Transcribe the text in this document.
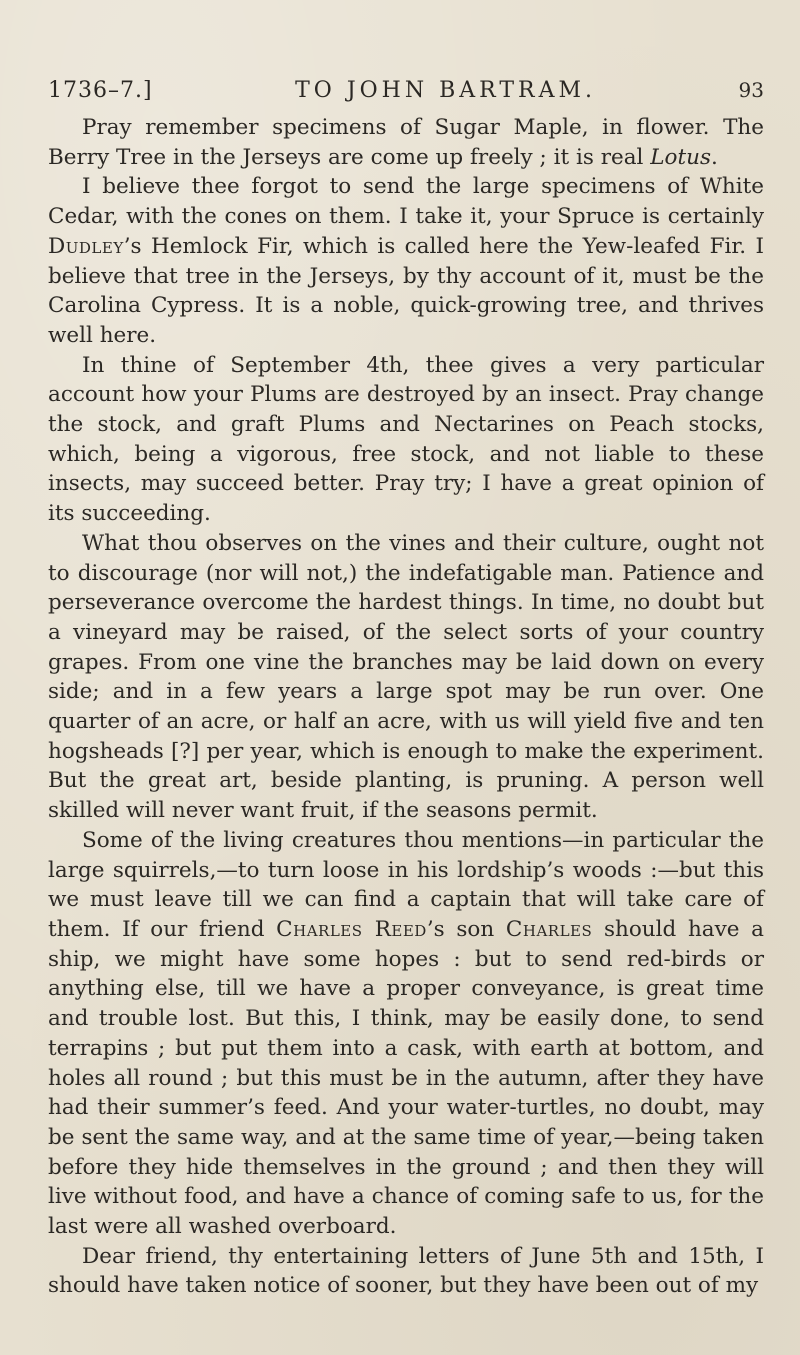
1736–7.]	TO JOHN BARTRAM.	93

Pray remember specimens of Sugar Maple, in flower. The Berry Tree in the Jerseys are come up freely ; it is real Lotus.

I believe thee forgot to send the large specimens of White Cedar, with the cones on them. I take it, your Spruce is certainly Dudley’s Hemlock Fir, which is called here the Yew-leafed Fir. I believe that tree in the Jerseys, by thy account of it, must be the Carolina Cypress. It is a noble, quick-growing tree, and thrives well here.

In thine of September 4th, thee gives a very particular account how your Plums are destroyed by an insect. Pray change the stock, and graft Plums and Nectarines on Peach stocks, which, being a vigorous, free stock, and not liable to these insects, may succeed better. Pray try; I have a great opinion of its succeeding.

What thou observes on the vines and their culture, ought not to discourage (nor will not,) the indefatigable man. Patience and perseverance overcome the hardest things. In time, no doubt but a vineyard may be raised, of the select sorts of your country grapes. From one vine the branches may be laid down on every side; and in a few years a large spot may be run over. One quarter of an acre, or half an acre, with us will yield five and ten hogsheads [?] per year, which is enough to make the experiment. But the great art, beside planting, is pruning. A person well skilled will never want fruit, if the seasons permit.

Some of the living creatures thou mentions—in particular the large squirrels,—to turn loose in his lordship’s woods :—but this we must leave till we can find a captain that will take care of them. If our friend Charles Reed’s son Charles should have a ship, we might have some hopes : but to send red-birds or anything else, till we have a proper conveyance, is great time and trouble lost. But this, I think, may be easily done, to send terrapins ; but put them into a cask, with earth at bottom, and holes all round ; but this must be in the autumn, after they have had their summer’s feed. And your water-turtles, no doubt, may be sent the same way, and at the same time of year,—being taken before they hide themselves in the ground ; and then they will live without food, and have a chance of coming safe to us, for the last were all washed overboard.

Dear friend, thy entertaining letters of June 5th and 15th, I should have taken notice of sooner, but they have been out of my
